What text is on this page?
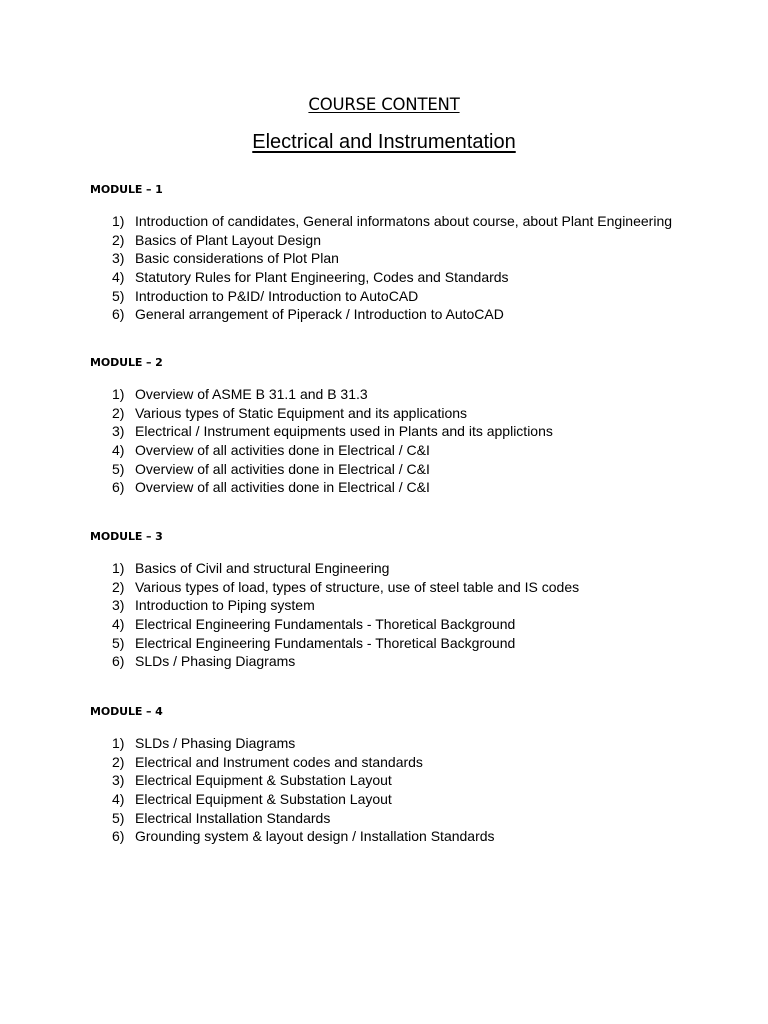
COURSE CONTENT
Electrical and Instrumentation
MODULE – 1
1) Introduction of candidates, General informatons about course, about Plant Engineering
2) Basics of Plant Layout Design
3) Basic considerations of Plot Plan
4) Statutory Rules for Plant Engineering, Codes and Standards
5) Introduction to P&ID/ Introduction to AutoCAD
6) General arrangement of Piperack / Introduction to AutoCAD
MODULE – 2
1) Overview of ASME B 31.1 and B 31.3
2) Various types of Static Equipment and its applications
3) Electrical / Instrument equipments used in Plants and its applictions
4) Overview of all activities done in Electrical / C&I
5) Overview of all activities done in Electrical / C&I
6) Overview of all activities done in Electrical / C&I
MODULE – 3
1) Basics of Civil and structural Engineering
2) Various types of load, types of structure, use of steel table and IS codes
3) Introduction to Piping system
4) Electrical Engineering Fundamentals - Thoretical Background
5) Electrical Engineering Fundamentals - Thoretical Background
6) SLDs / Phasing Diagrams
MODULE – 4
1) SLDs / Phasing Diagrams
2) Electrical and Instrument codes and standards
3) Electrical Equipment & Substation Layout
4) Electrical Equipment & Substation Layout
5) Electrical Installation Standards
6) Grounding system & layout design / Installation Standards
